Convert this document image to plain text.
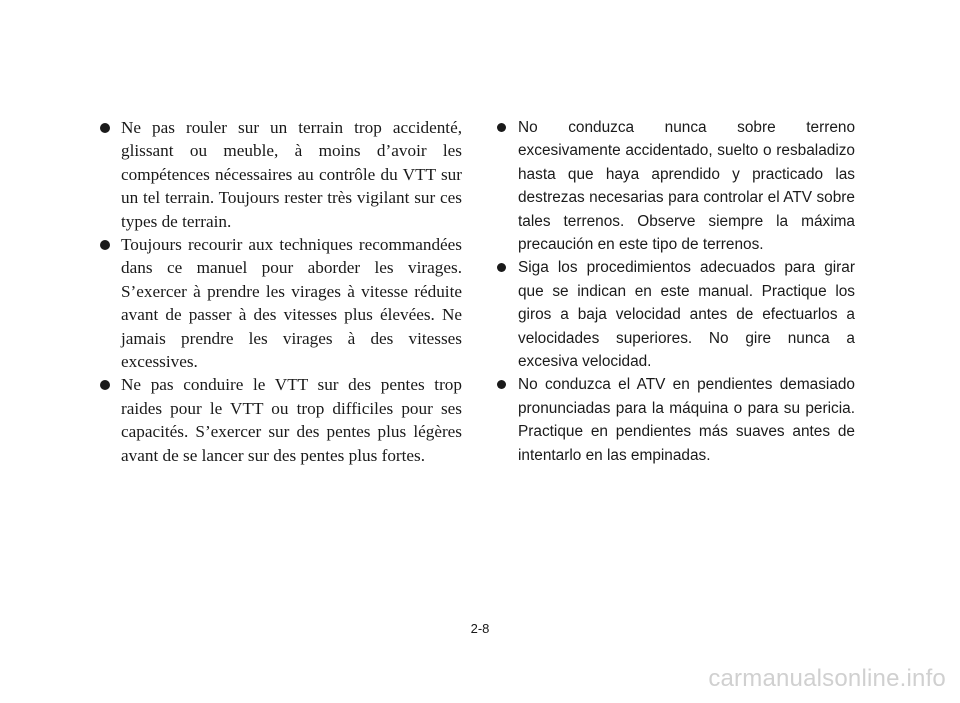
Ne pas rouler sur un terrain trop accidenté, glissant ou meuble, à moins d’avoir les compétences nécessaires au contrôle du VTT sur un tel terrain. Toujours rester très vigilant sur ces types de terrain.
Toujours recourir aux techniques recommandées dans ce manuel pour aborder les virages. S’exercer à prendre les virages à vitesse réduite avant de passer à des vitesses plus élevées. Ne jamais prendre les virages à des vitesses excessives.
Ne pas conduire le VTT sur des pentes trop raides pour le VTT ou trop difficiles pour ses capacités. S’exercer sur des pentes plus légères avant de se lancer sur des pentes plus fortes.
No conduzca nunca sobre terreno excesivamente accidentado, suelto o resbaladizo hasta que haya aprendido y practicado las destrezas necesarias para controlar el ATV sobre tales terrenos. Observe siempre la máxima precaución en este tipo de terrenos.
Siga los procedimientos adecuados para girar que se indican en este manual. Practique los giros a baja velocidad antes de efectuarlos a velocidades superiores. No gire nunca a excesiva velocidad.
No conduzca el ATV en pendientes demasiado pronunciadas para la máquina o para su pericia. Practique en pendientes más suaves antes de intentarlo en las empinadas.
2-8
carmanualsonline.info
